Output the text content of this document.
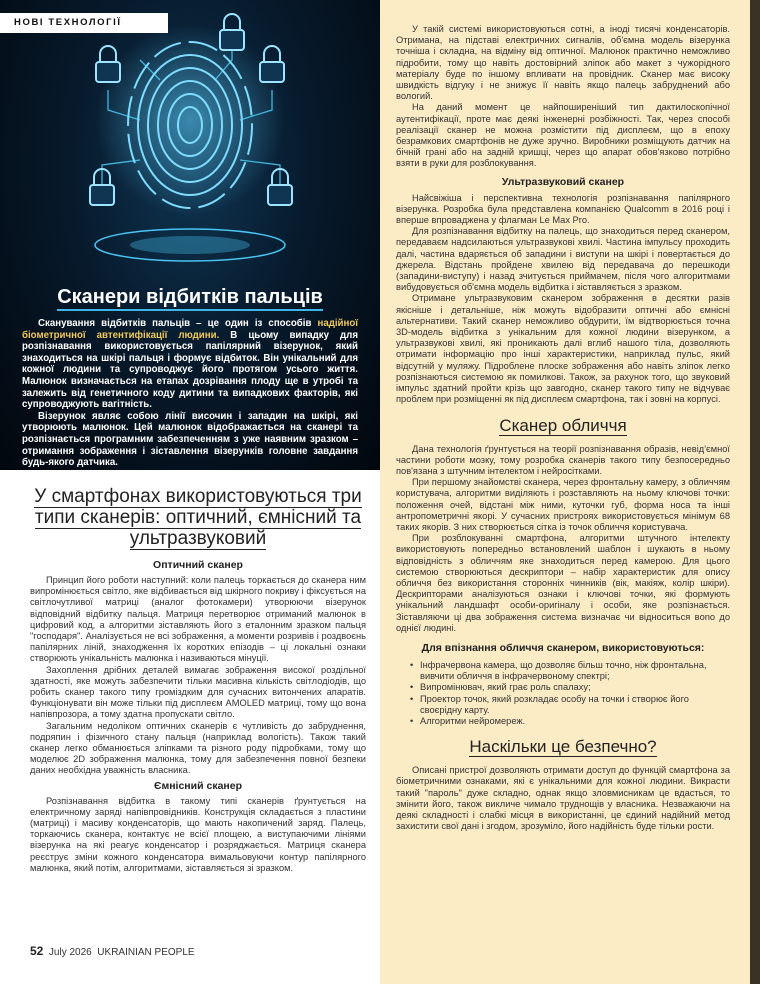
НОВІ ТЕХНОЛОГІЇ
Сканери відбитків пальців

Сканування відбитків пальців – це один із способів надійної біометричної автентифікації людини. В цьому випадку для розпізнавання використовується папілярний візерунок, який знаходиться на шкірі пальця і формує відбиток. Він унікальний для кожної людини та супроводжує його протягом усього життя. Малюнок визначається на етапах дозрівання плоду ще в утробі та залежить від генетичного коду дитини та випадкових факторів, які супроводжують вагітність.

Візерунок являє собою лінії височин і западин на шкірі, які утворюють малюнок. Цей малюнок відображається на сканері та розпізнається програмним забезпеченням з уже наявним зразком – отримання зображення і зіставлення візерунків головне завдання будь-якого датчика.

У смартфонах використовуються три типи сканерів: оптичний, ємнісний та ультразвуковий
Оптичний сканер

Принцип його роботи наступний: коли палець торкається до сканера ним випромінюється світло, яке відбивається від шкірного покриву і фіксується на світлочутливої матриці (аналог фотокамери) утворюючи візерунок відповідний відбитку пальця. Матриця перетворює отриманий малюнок в цифровий код, а алгоритми зіставляють його з еталонним зразком пальця "господаря". Аналізується не всі зображення, а моменти розривів і роздвоєнь папілярних ліній, знаходження їх коротких епізодів – ці локальні ознаки створюють унікальність малюнка і називаються мінуції.

Захоплення дрібних деталей вимагає зображення високої роздільної здатності, яке можуть забезпечити тільки масивна кількість світлодіодів, що робить сканер такого типу громіздким для сучасних витончених апаратів. Функціонувати він може тільки під дисплеєм AMOLED матриці, тому що вона напівпрозора, а тому здатна пропускати світло.

Загальним недоліком оптичних сканерів є чутливість до забруднення, подряпин і фізичного стану пальця (наприклад вологість). Також такий сканер легко обманюється зліпками та різного роду підробками, тому що моделює 2D зображення малюнка, тому для забезпечення повної безпеки даних необхідна уважність власника.

Ємнісний сканер

Розпізнавання відбитка в такому типі сканерів ґрунтується на електричному заряді напівпровідників. Конструкція складається з пластини (матриці) і масиву конденсаторів, що мають накопичений заряд. Палець, торкаючись сканера, контактує не всієї площею, а виступаючими лініями візерунка на які реагує конденсатор і розряджається. Матриця сканера реєструє зміни кожного конденсатора вимальовуючи контур папілярного малюнка, який потім, алгоритмами, зіставляється зі зразком.

52 July 2026 UKRAINIAN PEOPLE

У такій системі використовуються сотні, а іноді тисячі конденсаторів. Отримана, на підставі електричних сигналів, об'ємна модель візерунка точніша і складна, на відміну від оптичної. Малюнок практично неможливо підробити, тому що навіть достовірний зліпок або макет з чужорідного матеріалу буде по іншому впливати на провідник. Сканер має високу швидкість відгуку і не знижує її навіть якщо палець забруднений або вологий.

На даний момент це найпоширеніший тип дактилоскопічної аутентифікації, проте має деякі інженерні розбіжності. Так, через способі реалізації сканер не можна розмістити під дисплеєм, що в епоху безрамкових смартфонів не дуже зручно. Виробники розміщують датчик на бічній грані або на задній кришці, через що апарат обов'язково потрібно взяти в руки для розблокування.

Ультразвуковий сканер

Найсвіжіша і перспективна технологія розпізнавання папілярного візерунка. Розробка була представлена компанією Qualcomm в 2016 році і вперше впроваджена у флагман Le Max Pro.

Для розпізнавання відбитку на палець, що знаходиться перед сканером, передаваєм надсилаються ультразвукові хвилі. Частина імпульсу проходить далі, частина вдаряється об западини і виступи на шкірі і повертається до джерела. Відстань пройдене хвилею від передавача до перешкоди (западини-виступу) і назад зчитується приймачем, після чого алгоритмами вибудовується об'ємна модель відбитка і зіставляється з зразком.

Отримане ультразвуковим сканером зображення в десятки разів якісніше і детальніше, ніж можуть відобразити оптичні або ємнісні альтернативи. Такий сканер неможливо обдурити, їм відтворюється точна 3D-модель відбитка з унікальним для кожної людини візерунком, а ультразвукові хвилі, які проникають далі вглиб нашого тіла, дозволяють отримати інформацію про інші характеристики, наприклад пульс, який відсутній у муляжу. Підробленe плоске зображення або навіть зліпок легко розпізнаються системою як помилкові. Також, за рахунок того, що звуковий імпульс здатний пройти крізь що завгодно, сканер такого типу не відчуває проблем при розміщенні як під дисплеєм смартфона, так і зовні на корпусі.

Сканер обличчя

Дана технологія ґрунтується на теорії розпізнавання образів, невід'ємної частини роботи мозку, тому розробка сканерів такого типу безпосередньо пов'язана з штучним інтелектом і нейросітками.

При першому знайомстві сканера, через фронтальну камеру, з обличчям користувача, алгоритми виділяють і розставляють на ньому ключові точки: положення очей, відстані між ними, куточки губ, форма носа та інші антропометричні якорі. У сучасних пристроях використовується мінімум 68 таких якорів. З них створюється сітка із точок обличчя користувача.

При розблокуванні смартфона, алгоритми штучного інтелекту використовують попередньо встановлений шаблон і шукають в ньому відповідність з обличчям яке знаходиться перед камерою. Для цього системою створюються дескриптори – набір характеристик для опису обличчя без використання сторонніх чинників (вік, макіяж, колір шкіри). Дескрипторами аналізуються ознаки і ключові точки, які формують унікальний ландшафт особи-оригіналу і особи, яке розпізнається. Зіставляючи ці два зображення система визначає чи відноситься вono до однієї людині.

Для впізнання обличчя сканером, використовуються:
• Інфрачервона камера, що дозволяє більш точно, ніж фронтальна, вивчити обличчя в інфрачервоному спектрі;
• Випромінювач, який грає роль спалаху;
• Проектор точок, який розкладає особу на точки і створює його своєрідну карту.
• Алгоритми нейромереж.
Наскільки це безпечно?

Описані пристрої дозволяють отримати доступ до функцій смартфона за біометричними ознаками, які є унікальними для кожної людини. Викрасти такий "пароль" дуже складно, однак якщо зловмисникам це вдасться, то змінити його, також викличе чимало труднощів у власника. Незважаючи на деякі складності і слабкі місця в використанні, це єдиний надійний метод захистити свої дані і згодом, зрозуміло, його надійність буде тільки рости.
